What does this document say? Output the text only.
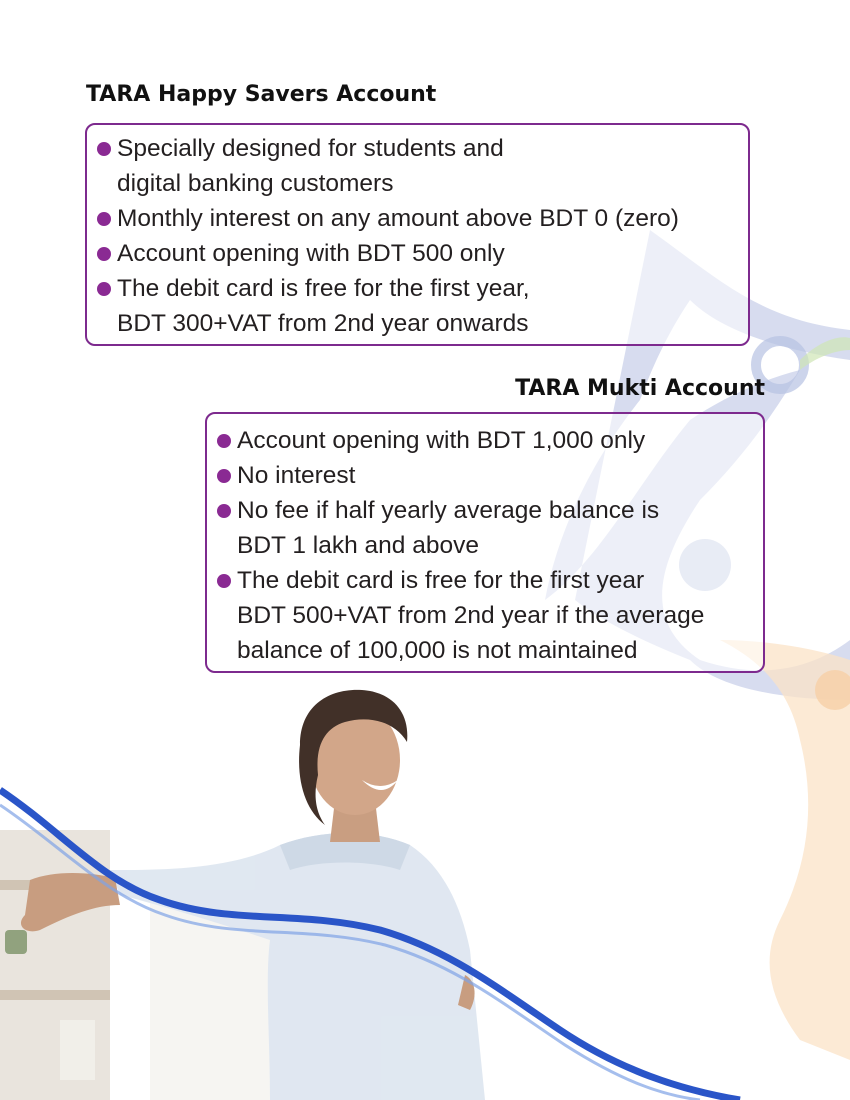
TARA Happy Savers Account
Specially designed for students and
digital banking customers
Monthly interest on any amount above BDT 0 (zero)
Account opening with BDT 500 only
The debit card is free for the first year,
BDT 300+VAT from 2nd year onwards
TARA Mukti Account
Account opening with BDT 1,000 only
No interest
No fee if half yearly average balance is
BDT 1 lakh and above
The debit card is free for the first year
BDT 500+VAT from 2nd year if the average
balance of 100,000 is not maintained
